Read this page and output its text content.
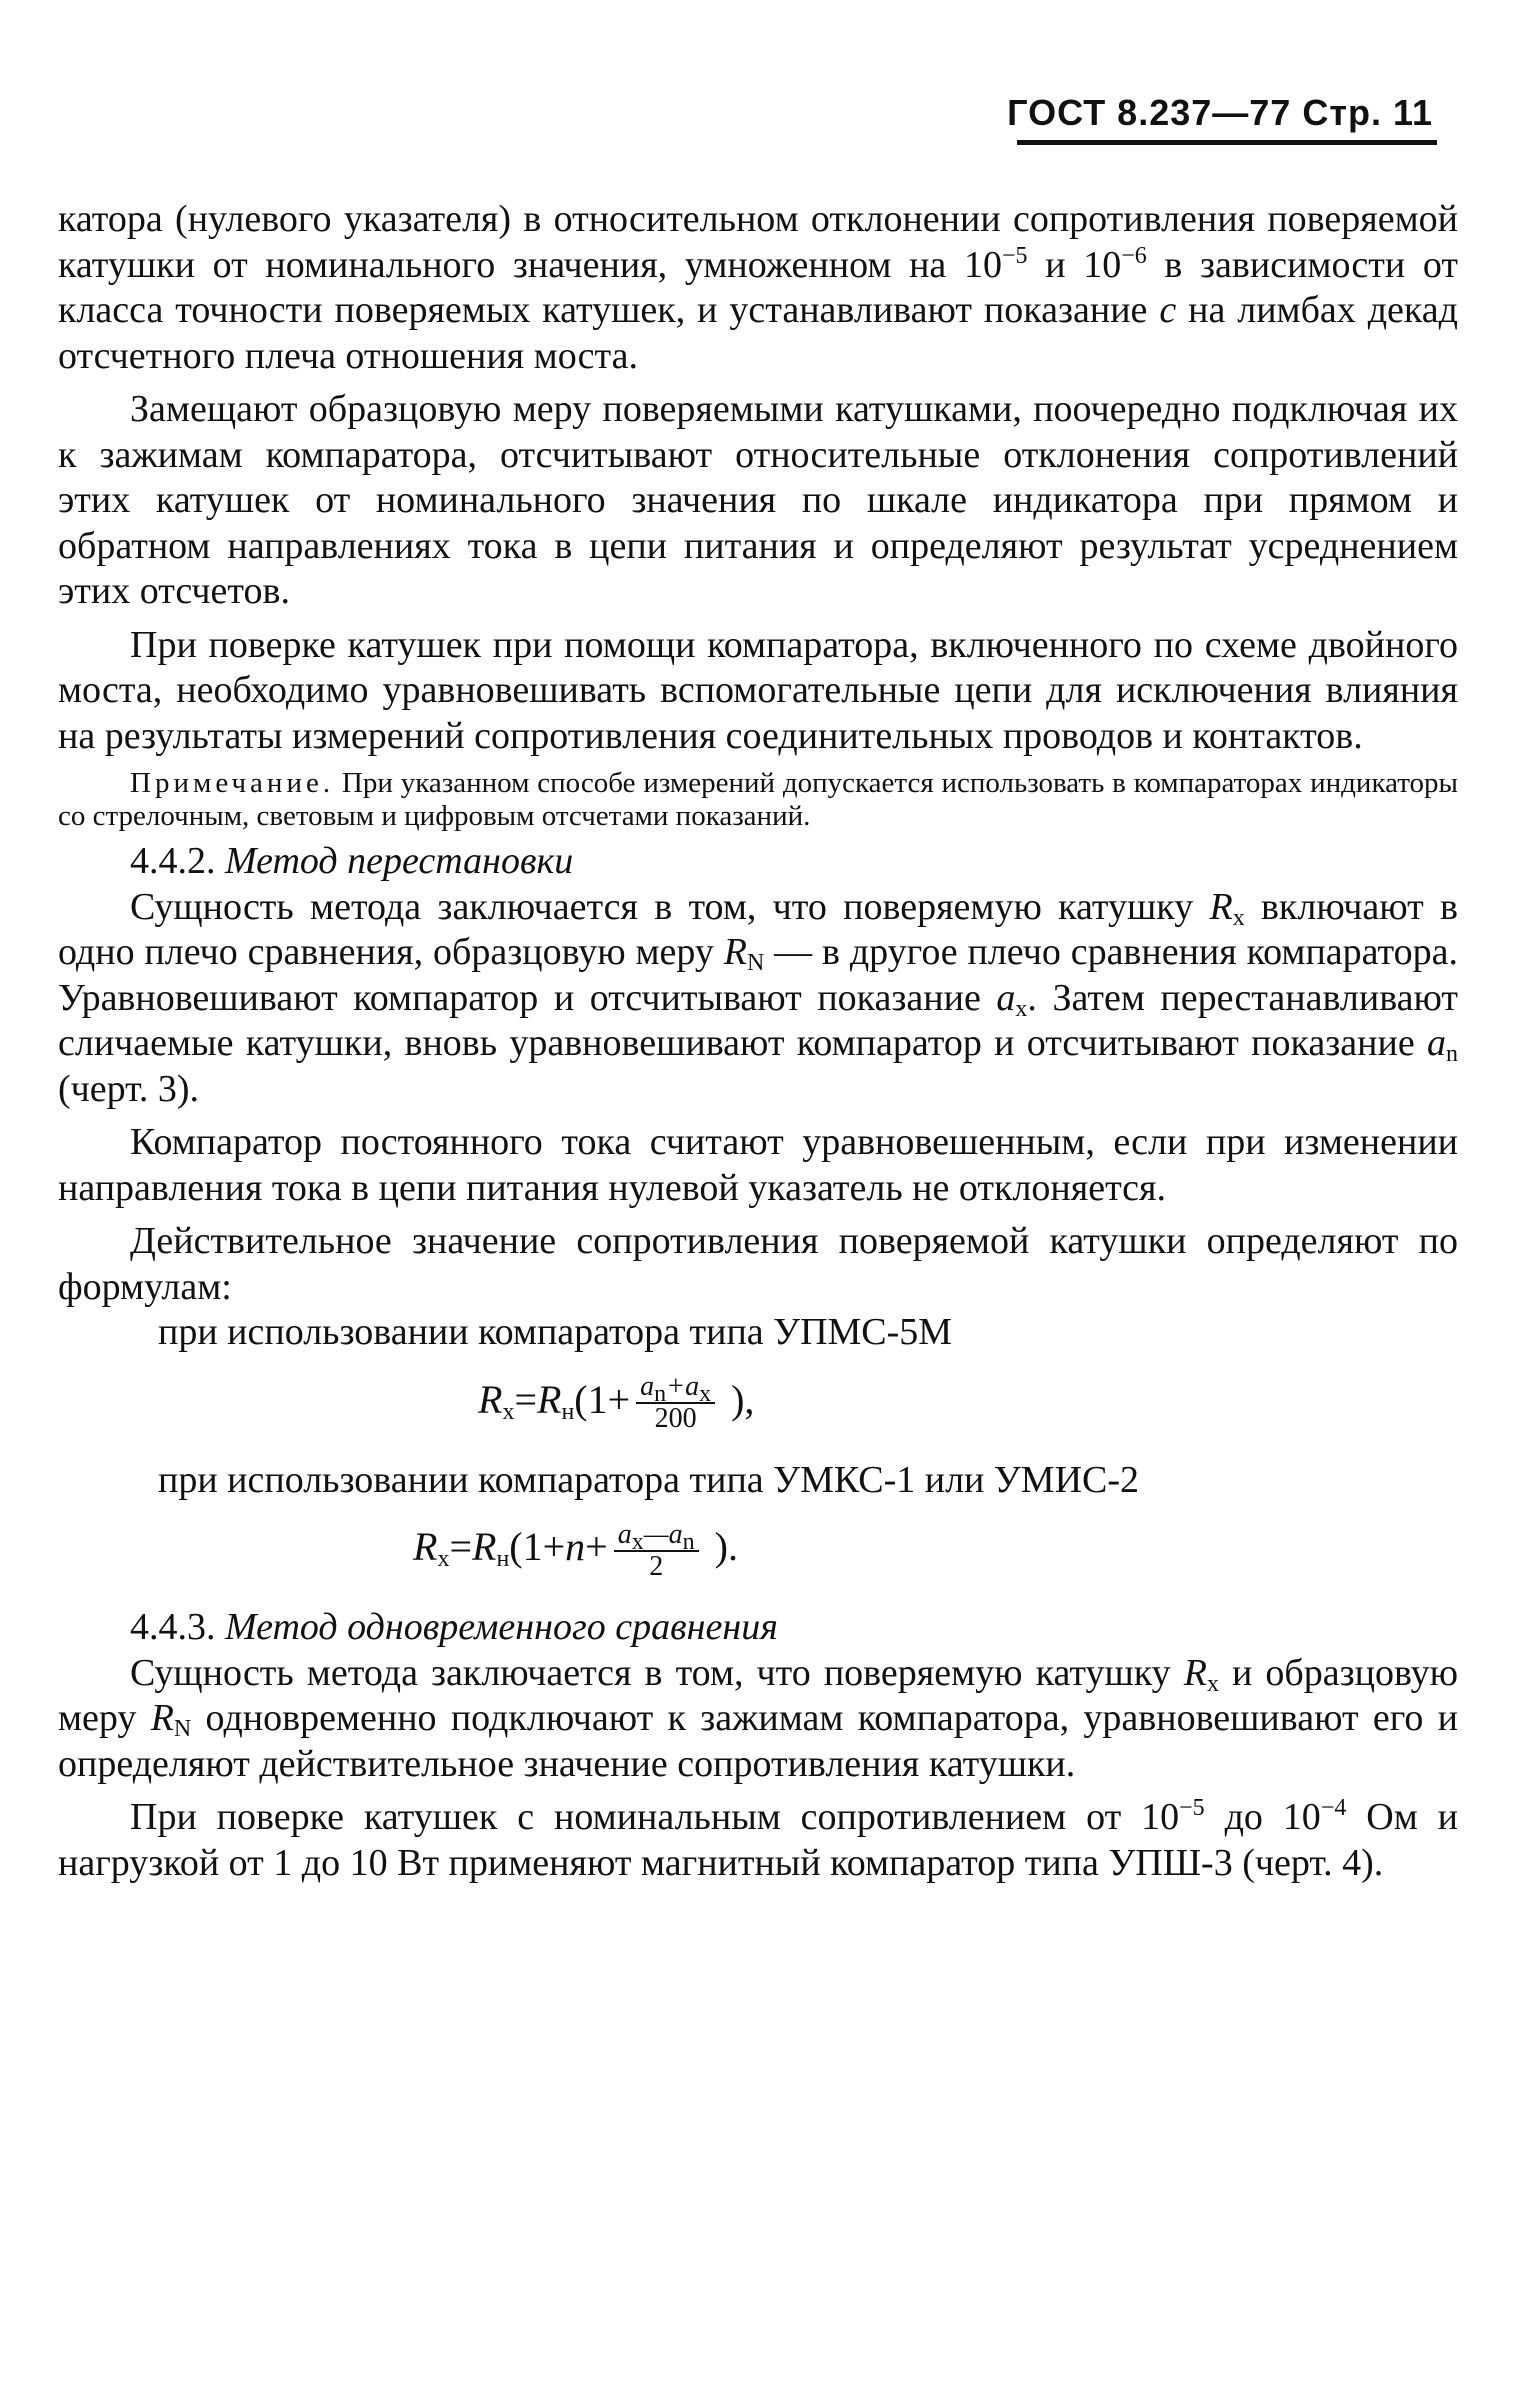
ГОСТ 8.237—77 Стр. 11

катора (нулевого указателя) в относительном отклонении сопротивления поверяемой катушки от номинального значения, умноженном на $10^{-5}$ и $10^{-6}$ в зависимости от класса точности поверяемых катушек, и устанавливают показание c на лимбах декад отсчетного плеча отношения моста.

Замещают образцовую меру поверяемыми катушками, поочередно подключая их к зажимам компаратора, отсчитывают относительные отклонения сопротивлений этих катушек от номинального значения по шкале индикатора при прямом и обратном направлениях тока в цепи питания и определяют результат усреднением этих отсчетов.

При поверке катушек при помощи компаратора, включенного по схеме двойного моста, необходимо уравновешивать вспомогательные цепи для исключения влияния на результаты измерений сопротивления соединительных проводов и контактов.

Примечание. При указанном способе измерений допускается использовать в компараторах индикаторы со стрелочным, световым и цифровым отсчетами показаний.

4.4.2. Метод перестановки

Сущность метода заключается в том, что поверяемую катушку $R_x$ включают в одно плечо сравнения, образцовую меру $R_N$ — в другое плечо сравнения компаратора. Уравновешивают компаратор и отсчитывают показание $a_x$. Затем перестанавливают сличаемые катушки, вновь уравновешивают компаратор и отсчитывают показание $a_n$ (черт. 3).

Компаратор постоянного тока считают уравновешенным, если при изменении направления тока в цепи питания нулевой указатель не отклоняется.

Действительное значение сопротивления поверяемой катушки определяют по формулам:

при использовании компаратора типа УПМС-5М

$R_x=R_н(1+ \frac{a_n+a_x}{200}$ ),

при использовании компаратора типа УМКС-1 или УМИС-2

$R_x=R_н(1+n+ \frac{a_x—a_n}{2}$ ).

4.4.3. Метод одновременного сравнения

Сущность метода заключается в том, что поверяемую катушку $R_x$ и образцовую меру $R_N$ одновременно подключают к зажимам компаратора, уравновешивают его и определяют действительное значение сопротивления катушки.

При поверке катушек с номинальным сопротивлением от $10^{-5}$ до $10^{-4}$ Ом и нагрузкой от 1 до 10 Вт применяют магнитный компаратор типа УПШ-3 (черт. 4).
